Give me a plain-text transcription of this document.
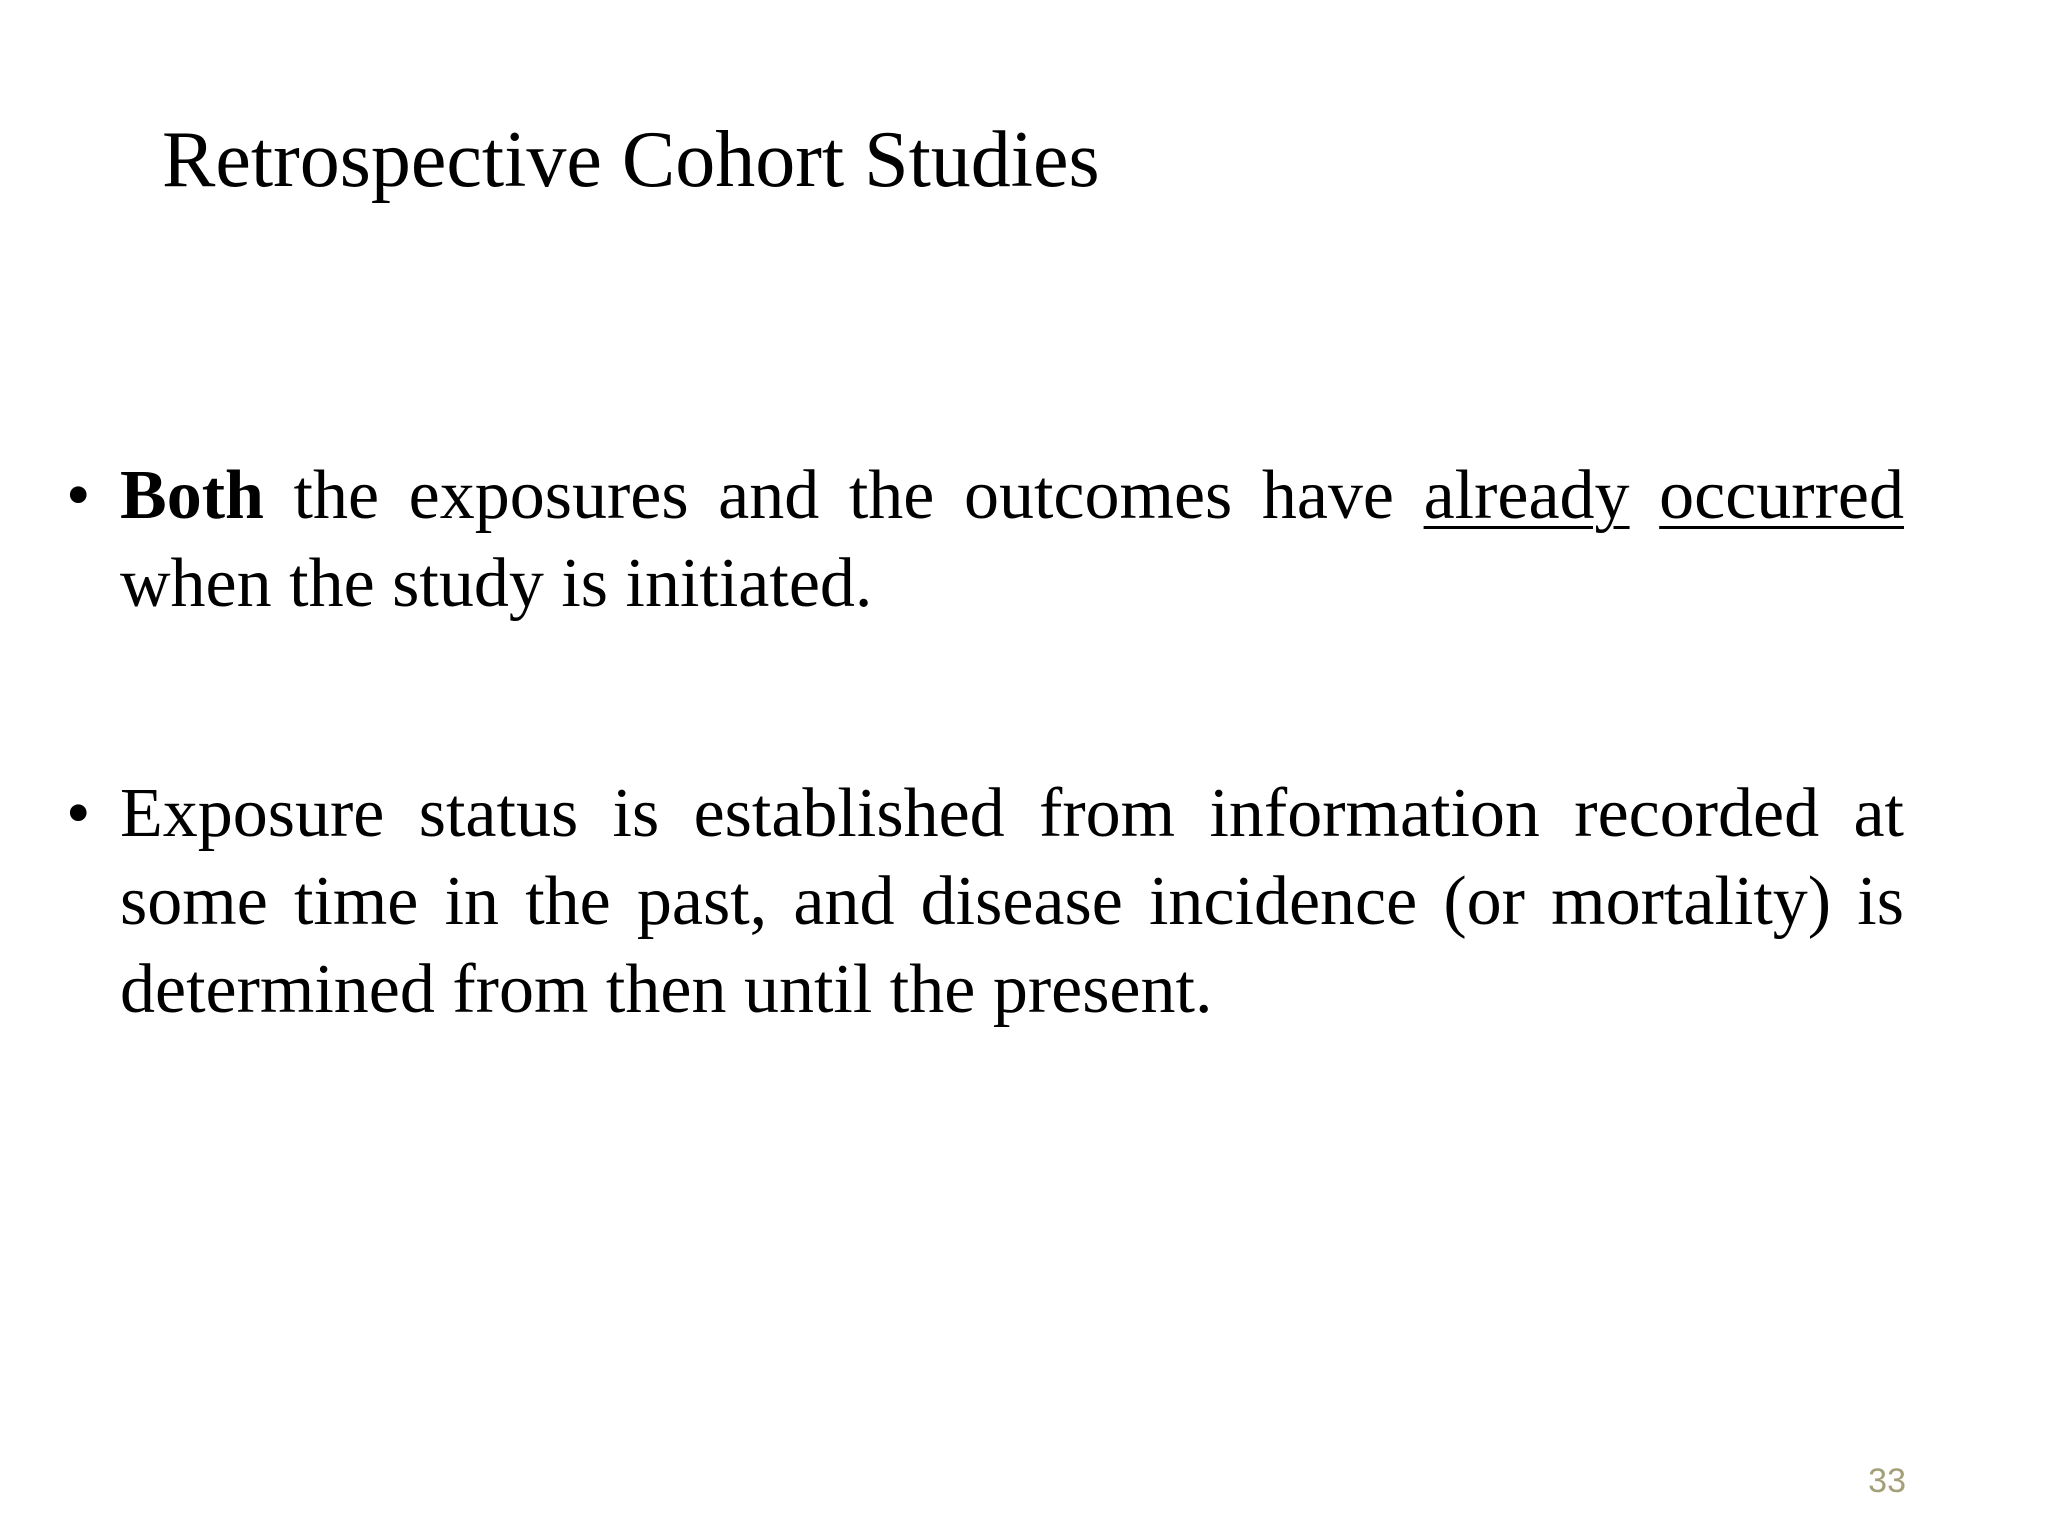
Retrospective Cohort Studies
• Both the exposures and the outcomes have already occurred when the study is initiated.
• Exposure status is established from information recorded at some time in the past, and disease incidence (or mortality) is determined from then until the present.
33
